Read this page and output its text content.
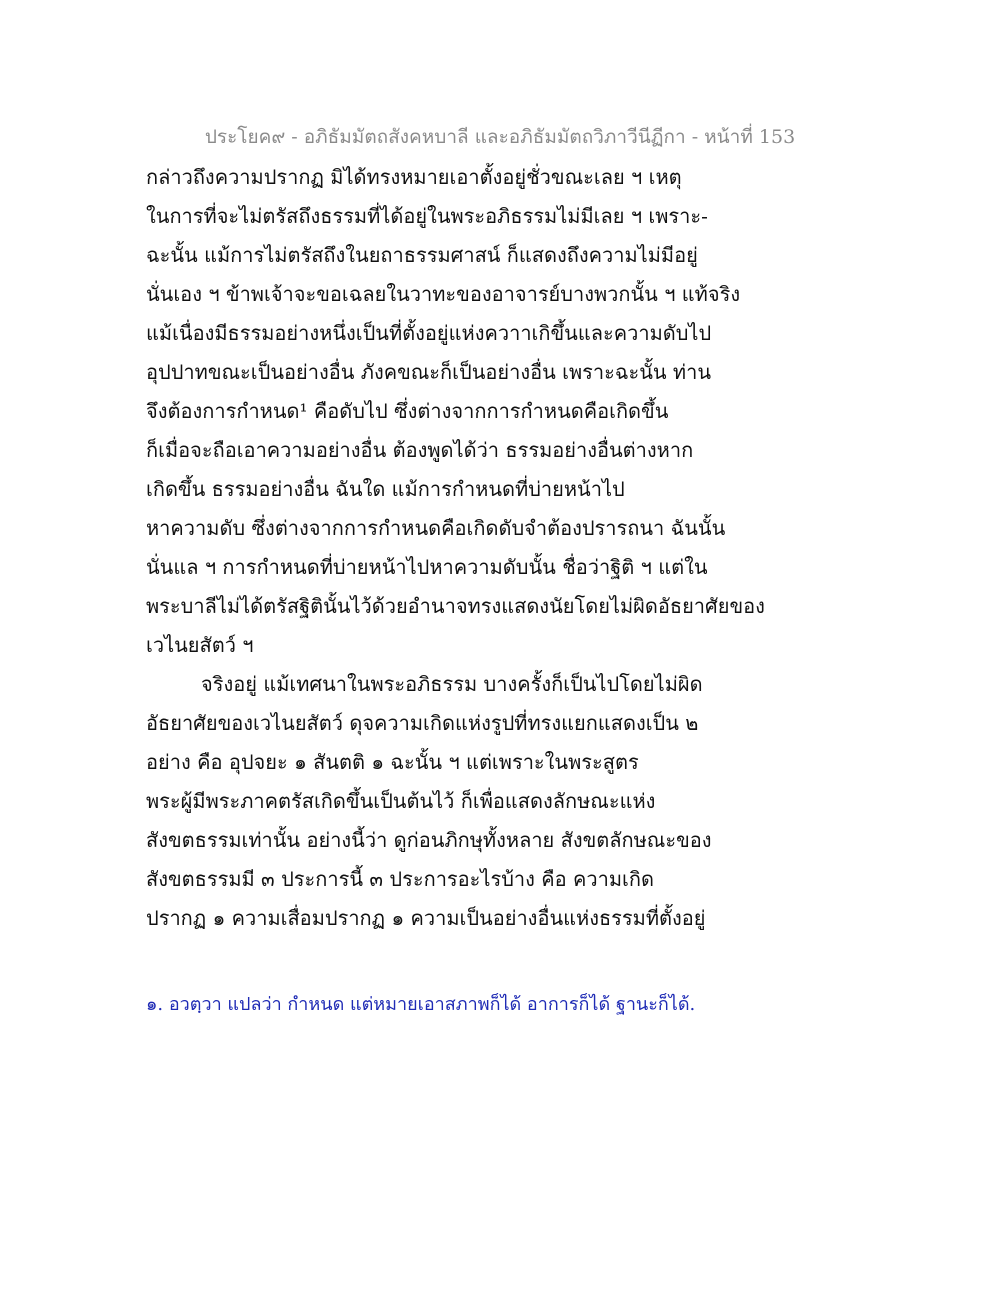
ประโยค๙ - อภิธัมมัตถสังคหบาลี และอภิธัมมัตถวิภาวีนีฏีกา - หน้าที่ 153
กล่าวถึงความปรากฏ มิได้ทรงหมายเอาตั้งอยู่ชั่วขณะเลย ฯ เหตุ
ในการที่จะไม่ตรัสถึงธรรมที่ได้อยู่ในพระอภิธรรมไม่มีเลย ฯ เพราะ-
ฉะนั้น แม้การไม่ตรัสถึงในยถาธรรมศาสน์ ก็แสดงถึงความไม่มีอยู่
นั่นเอง ฯ ข้าพเจ้าจะขอเฉลยในวาทะของอาจารย์บางพวกนั้น ฯ แท้จริง
แม้เนื่องมีธรรมอย่างหนึ่งเป็นที่ตั้งอยู่แห่งควาาเกิขึ้นและความดับไป
อุปปาทขณะเป็นอย่างอื่น ภังคขณะก็เป็นอย่างอื่น เพราะฉะนั้น ท่าน
จึงต้องการกำหนด¹ คือดับไป ซึ่งต่างจากการกำหนดคือเกิดขึ้น
ก็เมื่อจะถือเอาความอย่างอื่น ต้องพูดได้ว่า ธรรมอย่างอื่นต่างหาก
เกิดขึ้น ธรรมอย่างอื่น ฉันใด แม้การกำหนดที่บ่ายหน้าไป
หาความดับ ซึ่งต่างจากการกำหนดคือเกิดดับจำต้องปรารถนา ฉันนั้น
นั่นแล ฯ การกำหนดที่บ่ายหน้าไปหาความดับนั้น ชื่อว่าฐิติ ฯ แต่ใน
พระบาลีไม่ได้ตรัสฐิตินั้นไว้ด้วยอำนาจทรงแสดงนัยโดยไม่ผิดอัธยาศัยของ
เวไนยสัตว์ ฯ
จริงอยู่ แม้เทศนาในพระอภิธรรม บางครั้งก็เป็นไปโดยไม่ผิด
อัธยาศัยของเวไนยสัตว์ ดุจความเกิดแห่งรูปที่ทรงแยกแสดงเป็น ๒
อย่าง คือ อุปจยะ ๑ สันตติ ๑ ฉะนั้น ฯ แต่เพราะในพระสูตร
พระผู้มีพระภาคตรัสเกิดขึ้นเป็นต้นไว้ ก็เพื่อแสดงลักษณะแห่ง
สังขตธรรมเท่านั้น อย่างนี้ว่า ดูก่อนภิกษุทั้งหลาย สังขตลักษณะของ
สังขตธรรมมี ๓ ประการนี้ ๓ ประการอะไรบ้าง คือ ความเกิด
ปรากฏ ๑ ความเสื่อมปรากฏ ๑ ความเป็นอย่างอื่นแห่งธรรมที่ตั้งอยู่
๑. อวตฺวา แปลว่า กำหนด แต่หมายเอาสภาพก็ได้ อาการก็ได้ ฐานะก็ได้.
